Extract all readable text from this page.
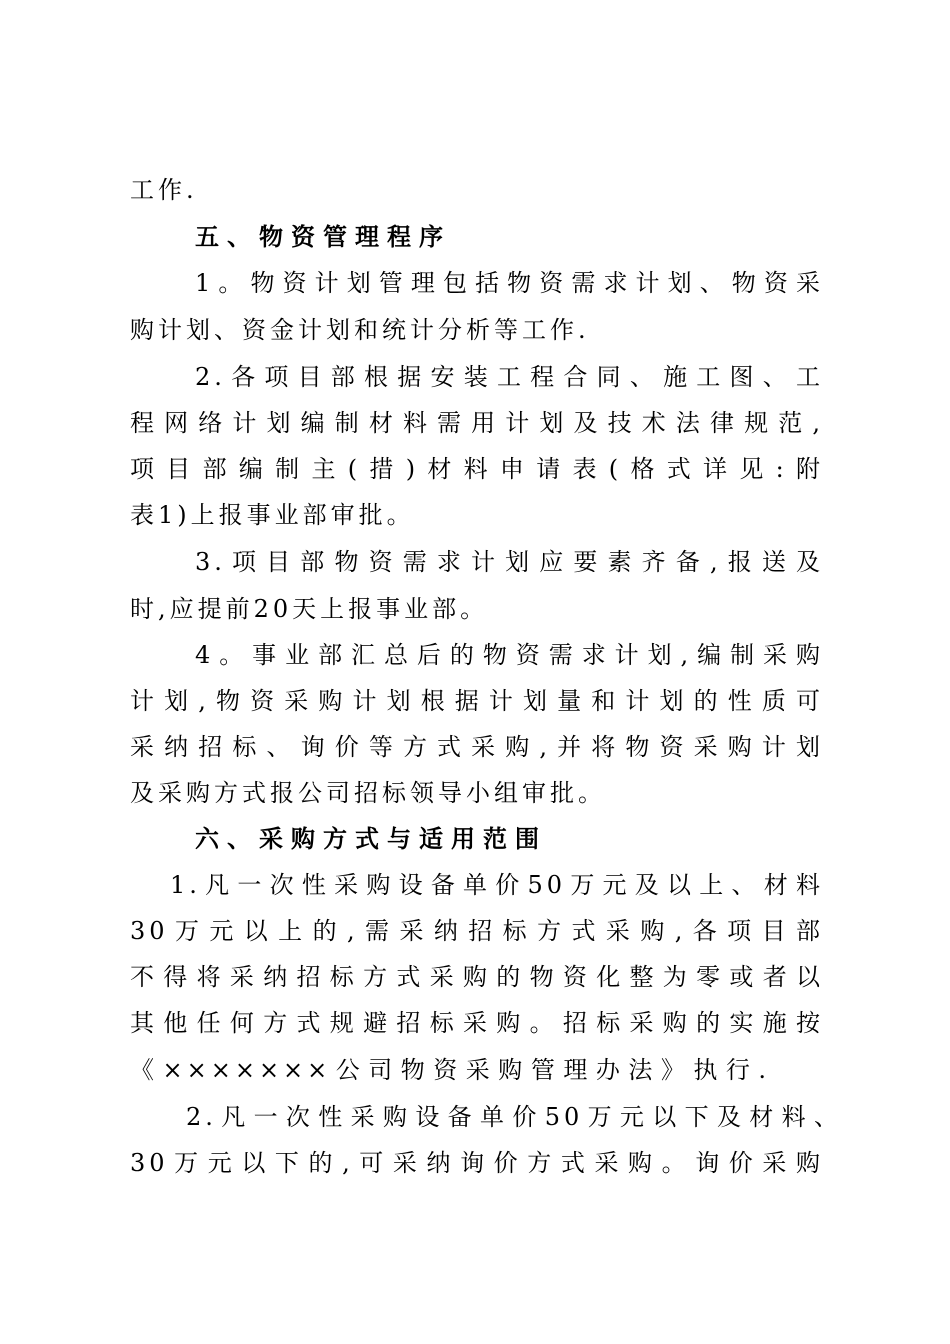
工作.
五、物资管理程序
1。物资计划管理包括物资需求计划、物资采
购计划、资金计划和统计分析等工作.
2.各项目部根据安装工程合同、施工图、工
程网络计划编制材料需用计划及技术法律规范,
项目部编制主(措)材料申请表(格式详见:附
表1)上报事业部审批。
3.项目部物资需求计划应要素齐备,报送及
时,应提前20天上报事业部。
4。事业部汇总后的物资需求计划,编制采购
计划,物资采购计划根据计划量和计划的性质可
采纳招标、询价等方式采购,并将物资采购计划
及采购方式报公司招标领导小组审批。
六、采购方式与适用范围
1.凡一次性采购设备单价50万元及以上、材料
30万元以上的,需采纳招标方式采购,各项目部
不得将采纳招标方式采购的物资化整为零或者以
其他任何方式规避招标采购。招标采购的实施按
《×××××××公司物资采购管理办法》执行.
2.凡一次性采购设备单价50万元以下及材料、
30万元以下的,可采纳询价方式采购。询价采购
